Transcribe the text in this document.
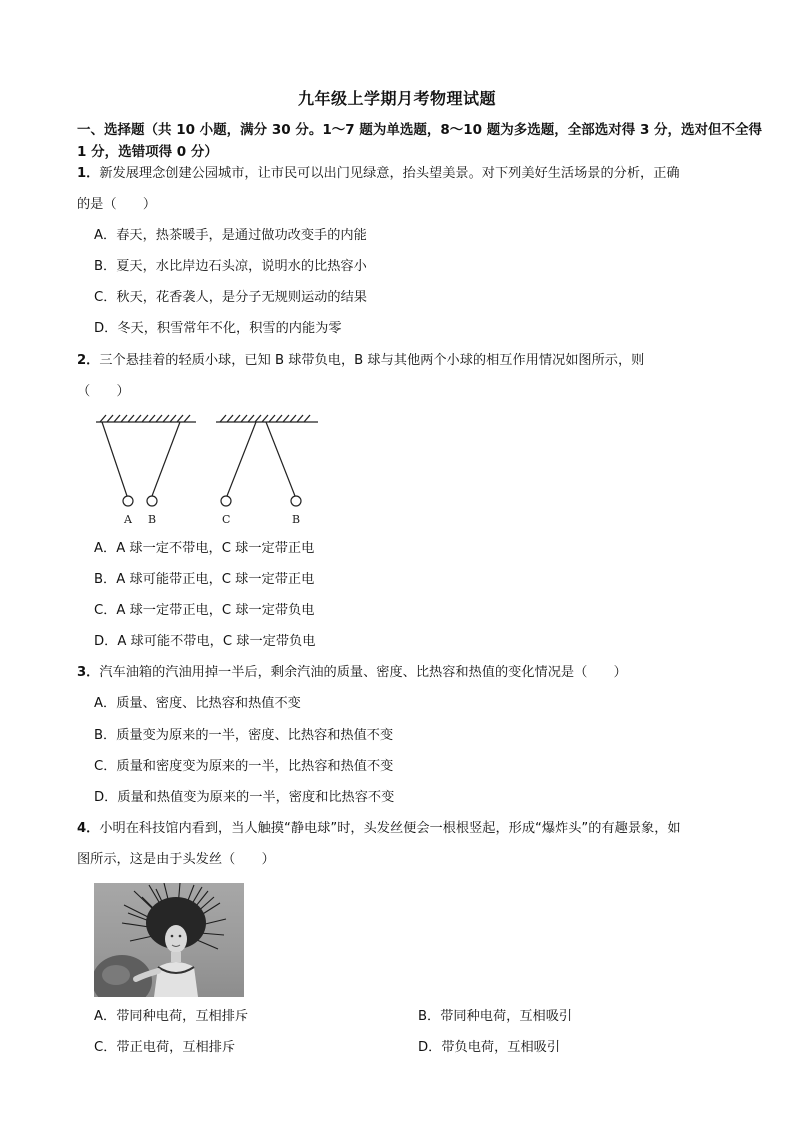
九年级上学期月考物理试题
一、选择题（共 10 小题，满分 30 分。1～7 题为单选题，8～10 题为多选题，全部选对得 3 分，选对但不全得 1 分，选错项得 0 分）
1．新发展理念创建公园城市，让市民可以出门见绿意，抬头望美景。对下列美好生活场景的分析，正确
的是（　　）
A．春天，热茶暖手，是通过做功改变手的内能
B．夏天，水比岸边石头凉，说明水的比热容小
C．秋天，花香袭人，是分子无规则运动的结果
D．冬天，积雪常年不化，积雪的内能为零
2．三个悬挂着的轻质小球，已知 B 球带负电，B 球与其他两个小球的相互作用情况如图所示，则
（　　）
A B	C	B
A．A 球一定不带电，C 球一定带正电
B．A 球可能带正电，C 球一定带正电
C．A 球一定带正电，C 球一定带负电
D．A 球可能不带电，C 球一定带负电
3．汽车油箱的汽油用掉一半后，剩余汽油的质量、密度、比热容和热值的变化情况是（　　）
A．质量、密度、比热容和热值不变
B．质量变为原来的一半，密度、比热容和热值不变
C．质量和密度变为原来的一半，比热容和热值不变
D．质量和热值变为原来的一半，密度和比热容不变
4．小明在科技馆内看到，当人触摸“静电球”时，头发丝便会一根根竖起，形成“爆炸头”的有趣景象，如
图所示，这是由于头发丝（　　）
A．带同种电荷，互相排斥	B．带同种电荷，互相吸引
C．带正电荷，互相排斥	D．带负电荷，互相吸引
